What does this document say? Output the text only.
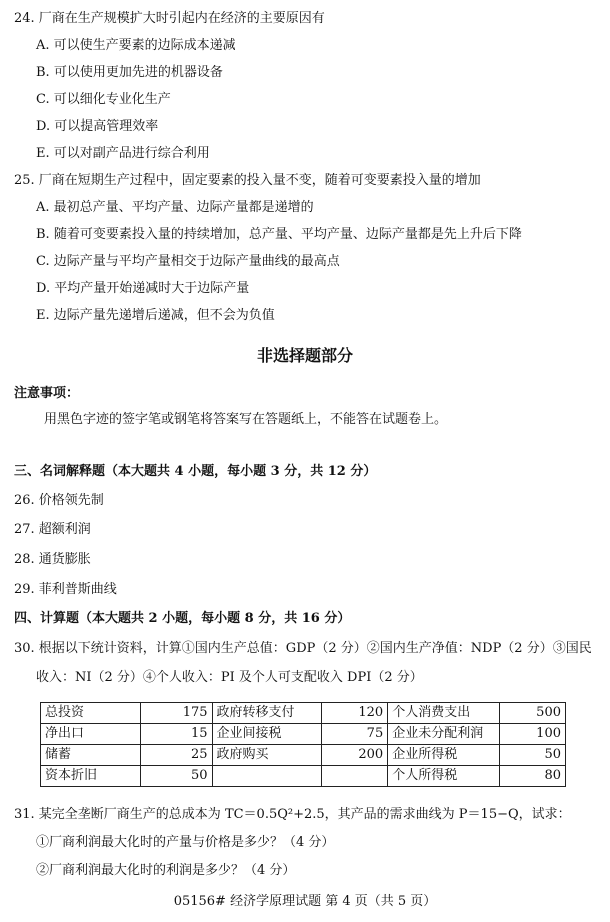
24. 厂商在生产规模扩大时引起内在经济的主要原因有
A. 可以使生产要素的边际成本递减
B. 可以使用更加先进的机器设备
C. 可以细化专业化生产
D. 可以提高管理效率
E. 可以对副产品进行综合利用
25. 厂商在短期生产过程中，固定要素的投入量不变，随着可变要素投入量的增加
A. 最初总产量、平均产量、边际产量都是递增的
B. 随着可变要素投入量的持续增加，总产量、平均产量、边际产量都是先上升后下降
C. 边际产量与平均产量相交于边际产量曲线的最高点
D. 平均产量开始递减时大于边际产量
E. 边际产量先递增后递减，但不会为负值
非选择题部分
注意事项：
用黑色字迹的签字笔或钢笔将答案写在答题纸上，不能答在试题卷上。
三、名词解释题（本大题共 4 小题，每小题 3 分，共 12 分）
26. 价格领先制
27. 超额利润
28. 通货膨胀
29. 菲利普斯曲线
四、计算题（本大题共 2 小题，每小题 8 分，共 16 分）
30. 根据以下统计资料，计算①国内生产总值：GDP（2 分）②国内生产净值：NDP（2 分）③国民
收入：NI（2 分）④个人收入：PI 及个人可支配收入 DPI（2 分）
总投资	175	政府转移支付	120	个人消费支出	500
净出口	15	企业间接税	75	企业未分配利润	100
储蓄	25	政府购买	200	企业所得税	50
资本折旧	50			个人所得税	80
31. 某完全垄断厂商生产的总成本为 TC＝0.5Q²+2.5，其产品的需求曲线为 P＝15−Q，试求：
①厂商利润最大化时的产量与价格是多少？（4 分）
②厂商利润最大化时的利润是多少？（4 分）
05156# 经济学原理试题 第 4 页（共 5 页）
